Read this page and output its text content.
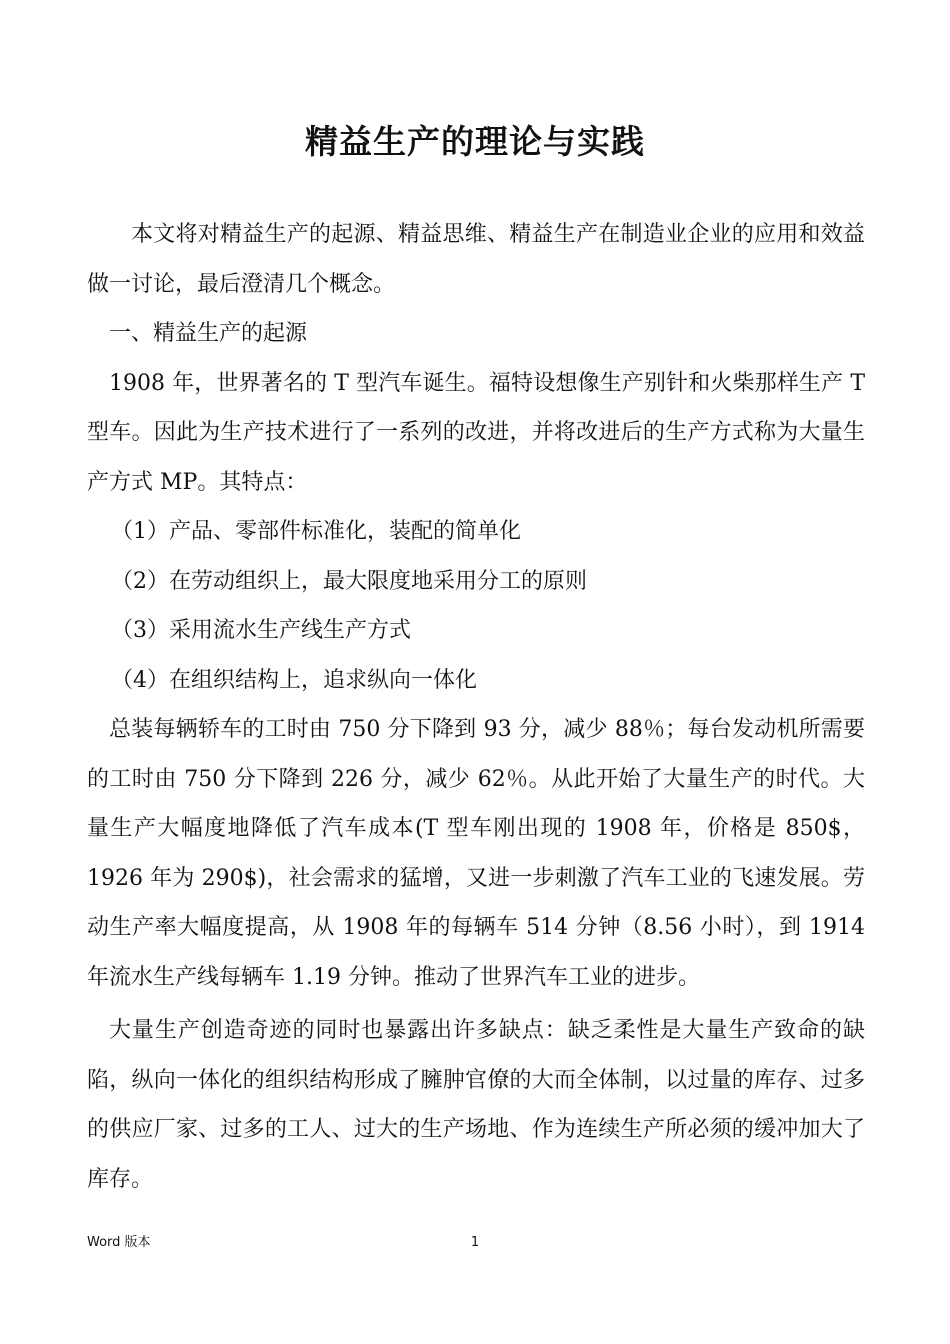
精益生产的理论与实践

本文将对精益生产的起源、精益思维、精益生产在制造业企业的应用和效益做一讨论，最后澄清几个概念。

一、精益生产的起源

1908 年，世界著名的 T 型汽车诞生。福特设想像生产别针和火柴那样生产 T 型车。因此为生产技术进行了一系列的改进，并将改进后的生产方式称为大量生产方式 MP。其特点：

（1）产品、零部件标准化，装配的简单化

（2）在劳动组织上，最大限度地采用分工的原则

（3）采用流水生产线生产方式

（4）在组织结构上，追求纵向一体化

总装每辆轿车的工时由 750 分下降到 93 分，减少 88％；每台发动机所需要的工时由 750 分下降到 226 分，减少 62％。从此开始了大量生产的时代。大量生产大幅度地降低了汽车成本(T 型车刚出现的 1908 年，价格是 850$，1926 年为 290$)，社会需求的猛增，又进一步刺激了汽车工业的飞速发展。劳动生产率大幅度提高，从 1908 年的每辆车 514 分钟（8.56 小时），到 1914 年流水生产线每辆车 1.19 分钟。推动了世界汽车工业的进步。

大量生产创造奇迹的同时也暴露出许多缺点：缺乏柔性是大量生产致命的缺陷，纵向一体化的组织结构形成了臃肿官僚的大而全体制，以过量的库存、过多的供应厂家、过多的工人、过大的生产场地、作为连续生产所必须的缓冲加大了库存。

Word 版本	1
